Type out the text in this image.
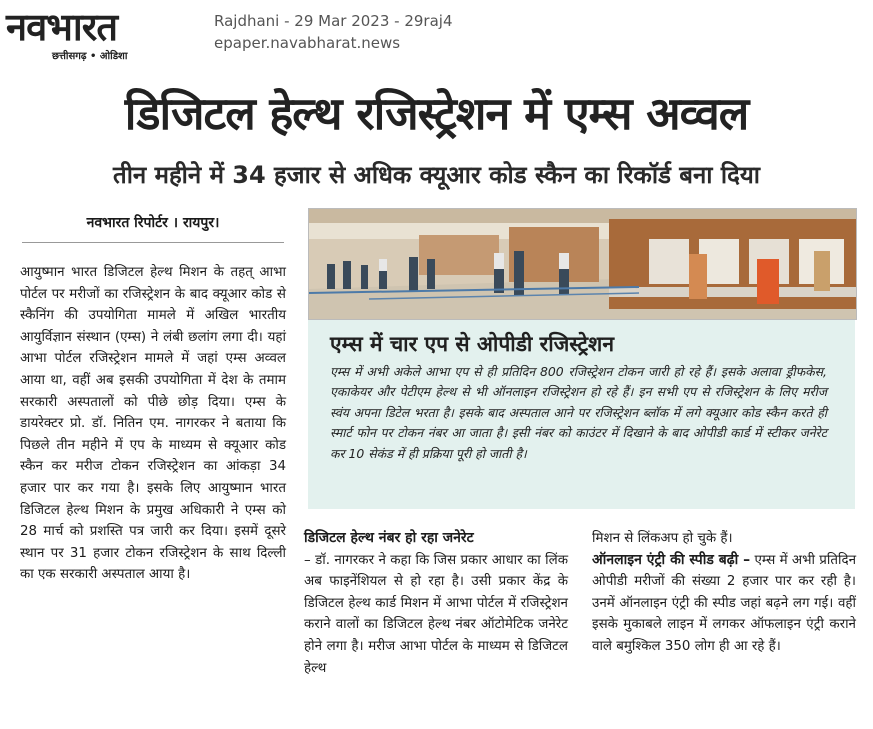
नवभारत
छत्तीसगढ़ • ओडिशा
Rajdhani - 29 Mar 2023 - 29raj4
epaper.navabharat.news
डिजिटल हेल्थ रजिस्ट्रेशन में एम्स अव्वल
तीन महीने में 34 हजार से अधिक क्यूआर कोड स्कैन का रिकॉर्ड बना दिया
नवभारत रिपोर्टर । रायपुर।
आयुष्मान भारत डिजिटल हेल्थ मिशन के तहत् आभा पोर्टल पर मरीजों का रजिस्ट्रेशन के बाद क्यूआर कोड से स्कैनिंग की उपयोगिता मामले में अखिल भारतीय आयुर्विज्ञान संस्थान (एम्स) ने लंबी छलांग लगा दी। यहां आभा पोर्टल रजिस्ट्रेशन मामले में जहां एम्स अव्वल आया था, वहीं अब इसकी उपयोगिता में देश के तमाम सरकारी अस्पतालों को पीछे छोड़ दिया। एम्स के डायरेक्टर प्रो. डॉ. नितिन एम. नागरकर ने बताया कि पिछले तीन महीने में एप के माध्यम से क्यूआर कोड स्कैन कर मरीज टोकन रजिस्ट्रेशन का आंकड़ा 34 हजार पार कर गया है। इसके लिए आयुष्मान भारत डिजिटल हेल्थ मिशन के प्रमुख अधिकारी ने एम्स को 28 मार्च को प्रशस्ति पत्र जारी कर दिया। इसमें दूसरे स्थान पर 31 हजार टोकन रजिस्ट्रेशन के साथ दिल्ली का एक सरकारी अस्पताल आया है।
एम्स में चार एप से ओपीडी रजिस्ट्रेशन
एम्स में अभी अकेले आभा एप से ही प्रतिदिन 800 रजिस्ट्रेशन टोकन जारी हो रहे हैं। इसके अलावा ड्रीफकेस, एकाकेयर और पेटीएम हेल्थ से भी ऑनलाइन रजिस्ट्रेशन हो रहे हैं। इन सभी एप से रजिस्ट्रेशन के लिए मरीज स्वंय अपना डिटेल भरता है। इसके बाद अस्पताल आने पर रजिस्ट्रेशन ब्लॉक में लगे क्यूआर कोड स्कैन करते ही स्मार्ट फोन पर टोकन नंबर आ जाता है। इसी नंबर को काउंटर में दिखाने के बाद ओपीडी कार्ड में स्टीकर जनेरेट कर 10 सेकंड में ही प्रक्रिया पूरी हो जाती है।
डिजिटल हेल्थ नंबर हो रहा जनेरेट
– डॉ. नागरकर ने कहा कि जिस प्रकार आधार का लिंक अब फाइनेंशियल से हो रहा है। उसी प्रकार केंद्र के डिजिटल हेल्थ कार्ड मिशन में आभा पोर्टल में रजिस्ट्रेशन कराने वालों का डिजिटल हेल्थ नंबर ऑटोमेटिक जनेरेट होने लगा है। मरीज आभा पोर्टल के माध्यम से डिजिटल हेल्थ
मिशन से लिंकअप हो चुके हैं।
ऑनलाइन एंट्री की स्पीड बढ़ी – एम्स में अभी प्रतिदिन ओपीडी मरीजों की संख्या 2 हजार पार कर रही है। उनमें ऑनलाइन एंट्री की स्पीड जहां बढ़ने लग गई। वहीं इसके मुकाबले लाइन में लगकर ऑफलाइन एंट्री कराने वाले बमुश्किल 350 लोग ही आ रहे हैं।
